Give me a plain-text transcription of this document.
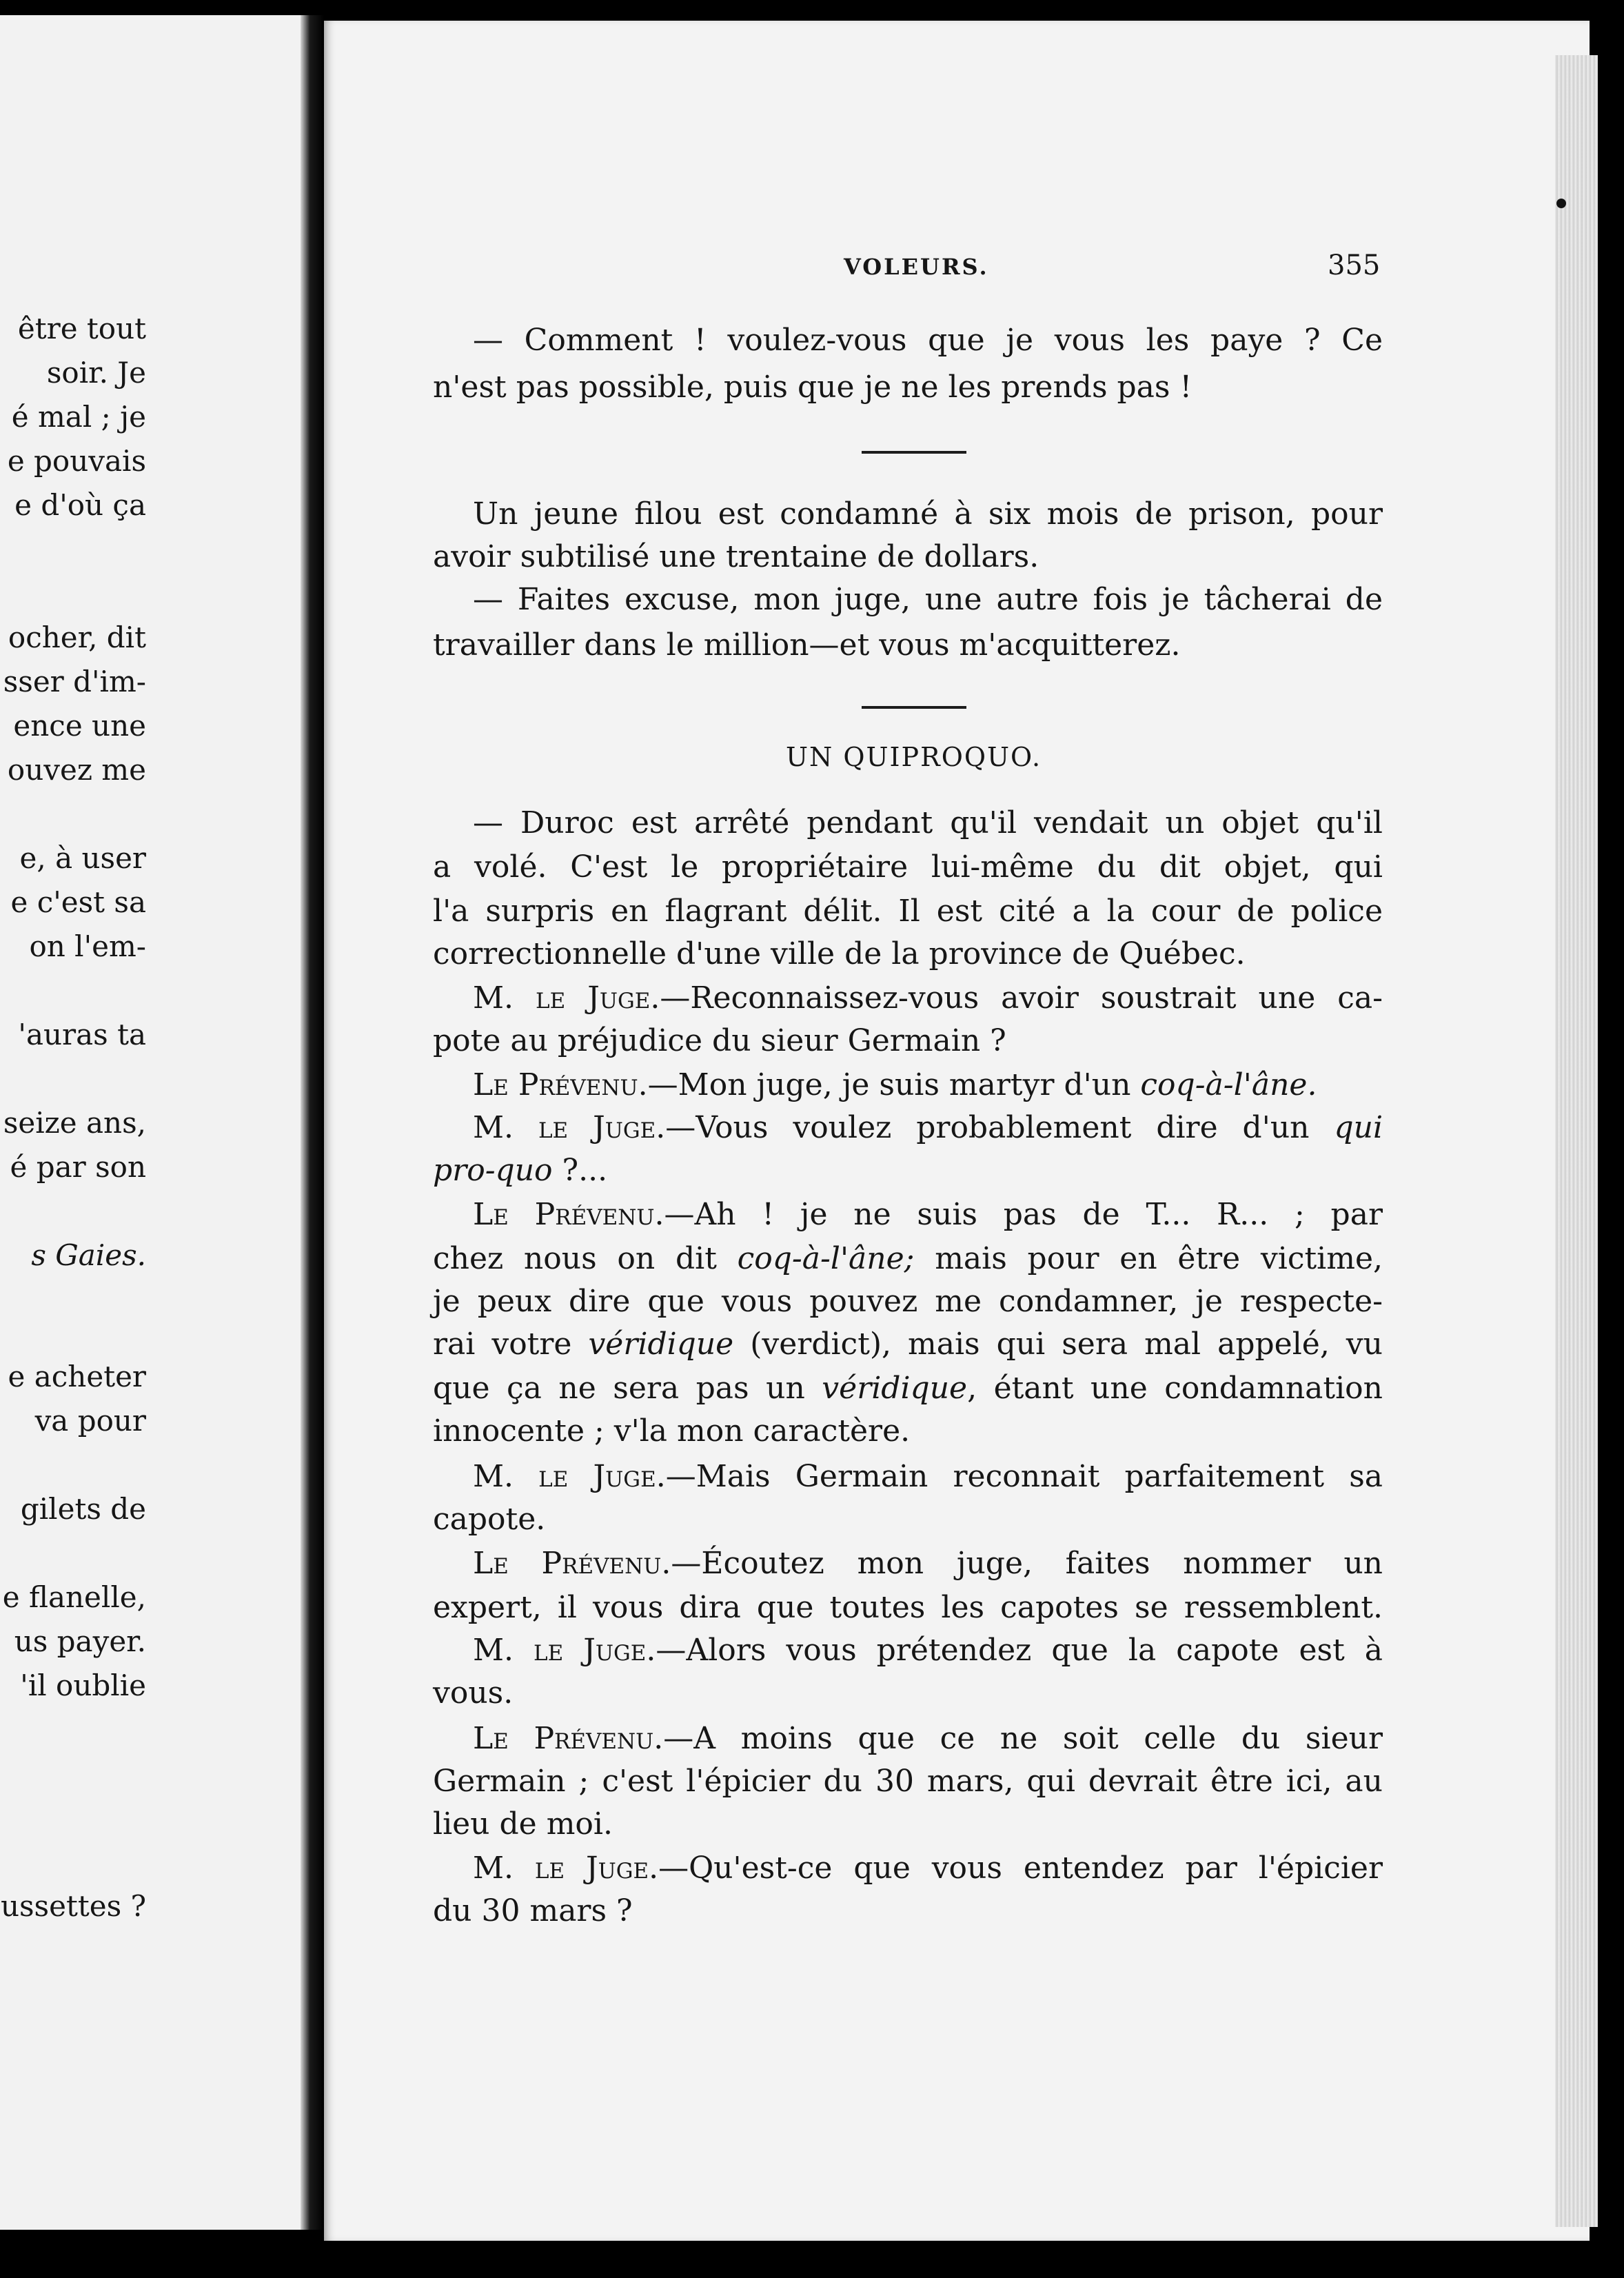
être tout
soir. Je
é mal ; je
e pouvais
e d'où ça
ocher, dit
sser d'im-
ence une
ouvez me
e, à user
e c'est sa
on l'em-
'auras ta
seize ans,
é par son
s Gaies.
e acheter
va pour
gilets de
e flanelle,
us payer.
'il oublie
ussettes ?
VOLEURS.	355
— Comment ! voulez-vous que je vous les paye ? Ce
n'est pas possible, puis que je ne les prends pas !
Un jeune filou est condamné à six mois de prison, pour
avoir subtilisé une trentaine de dollars.
— Faites excuse, mon juge, une autre fois je tâcherai de
travailler dans le million—et vous m'acquitterez.
UN QUIPROQUO.
— Duroc est arrêté pendant qu'il vendait un objet qu'il
a volé. C'est le propriétaire lui-même du dit objet, qui
l'a surpris en flagrant délit. Il est cité a la cour de police
correctionnelle d'une ville de la province de Québec.
M. le Juge.—Reconnaissez-vous avoir soustrait une ca-
pote au préjudice du sieur Germain ?
Le Prévenu.—Mon juge, je suis martyr d'un coq-à-l'âne.
M. le Juge.—Vous voulez probablement dire d'un qui
pro-quo ?...
Le Prévenu.—Ah ! je ne suis pas de T... R... ; par
chez nous on dit coq-à-l'âne; mais pour en être victime,
je peux dire que vous pouvez me condamner, je respecte-
rai votre véridique (verdict), mais qui sera mal appelé, vu
que ça ne sera pas un véridique, étant une condamnation
innocente ; v'la mon caractère.
M. le Juge.—Mais Germain reconnait parfaitement sa
capote.
Le Prévenu.—Écoutez mon juge, faites nommer un
expert, il vous dira que toutes les capotes se ressemblent.
M. le Juge.—Alors vous prétendez que la capote est à
vous.
Le Prévenu.—A moins que ce ne soit celle du sieur
Germain ; c'est l'épicier du 30 mars, qui devrait être ici, au
lieu de moi.
M. le Juge.—Qu'est-ce que vous entendez par l'épicier
du 30 mars ?
